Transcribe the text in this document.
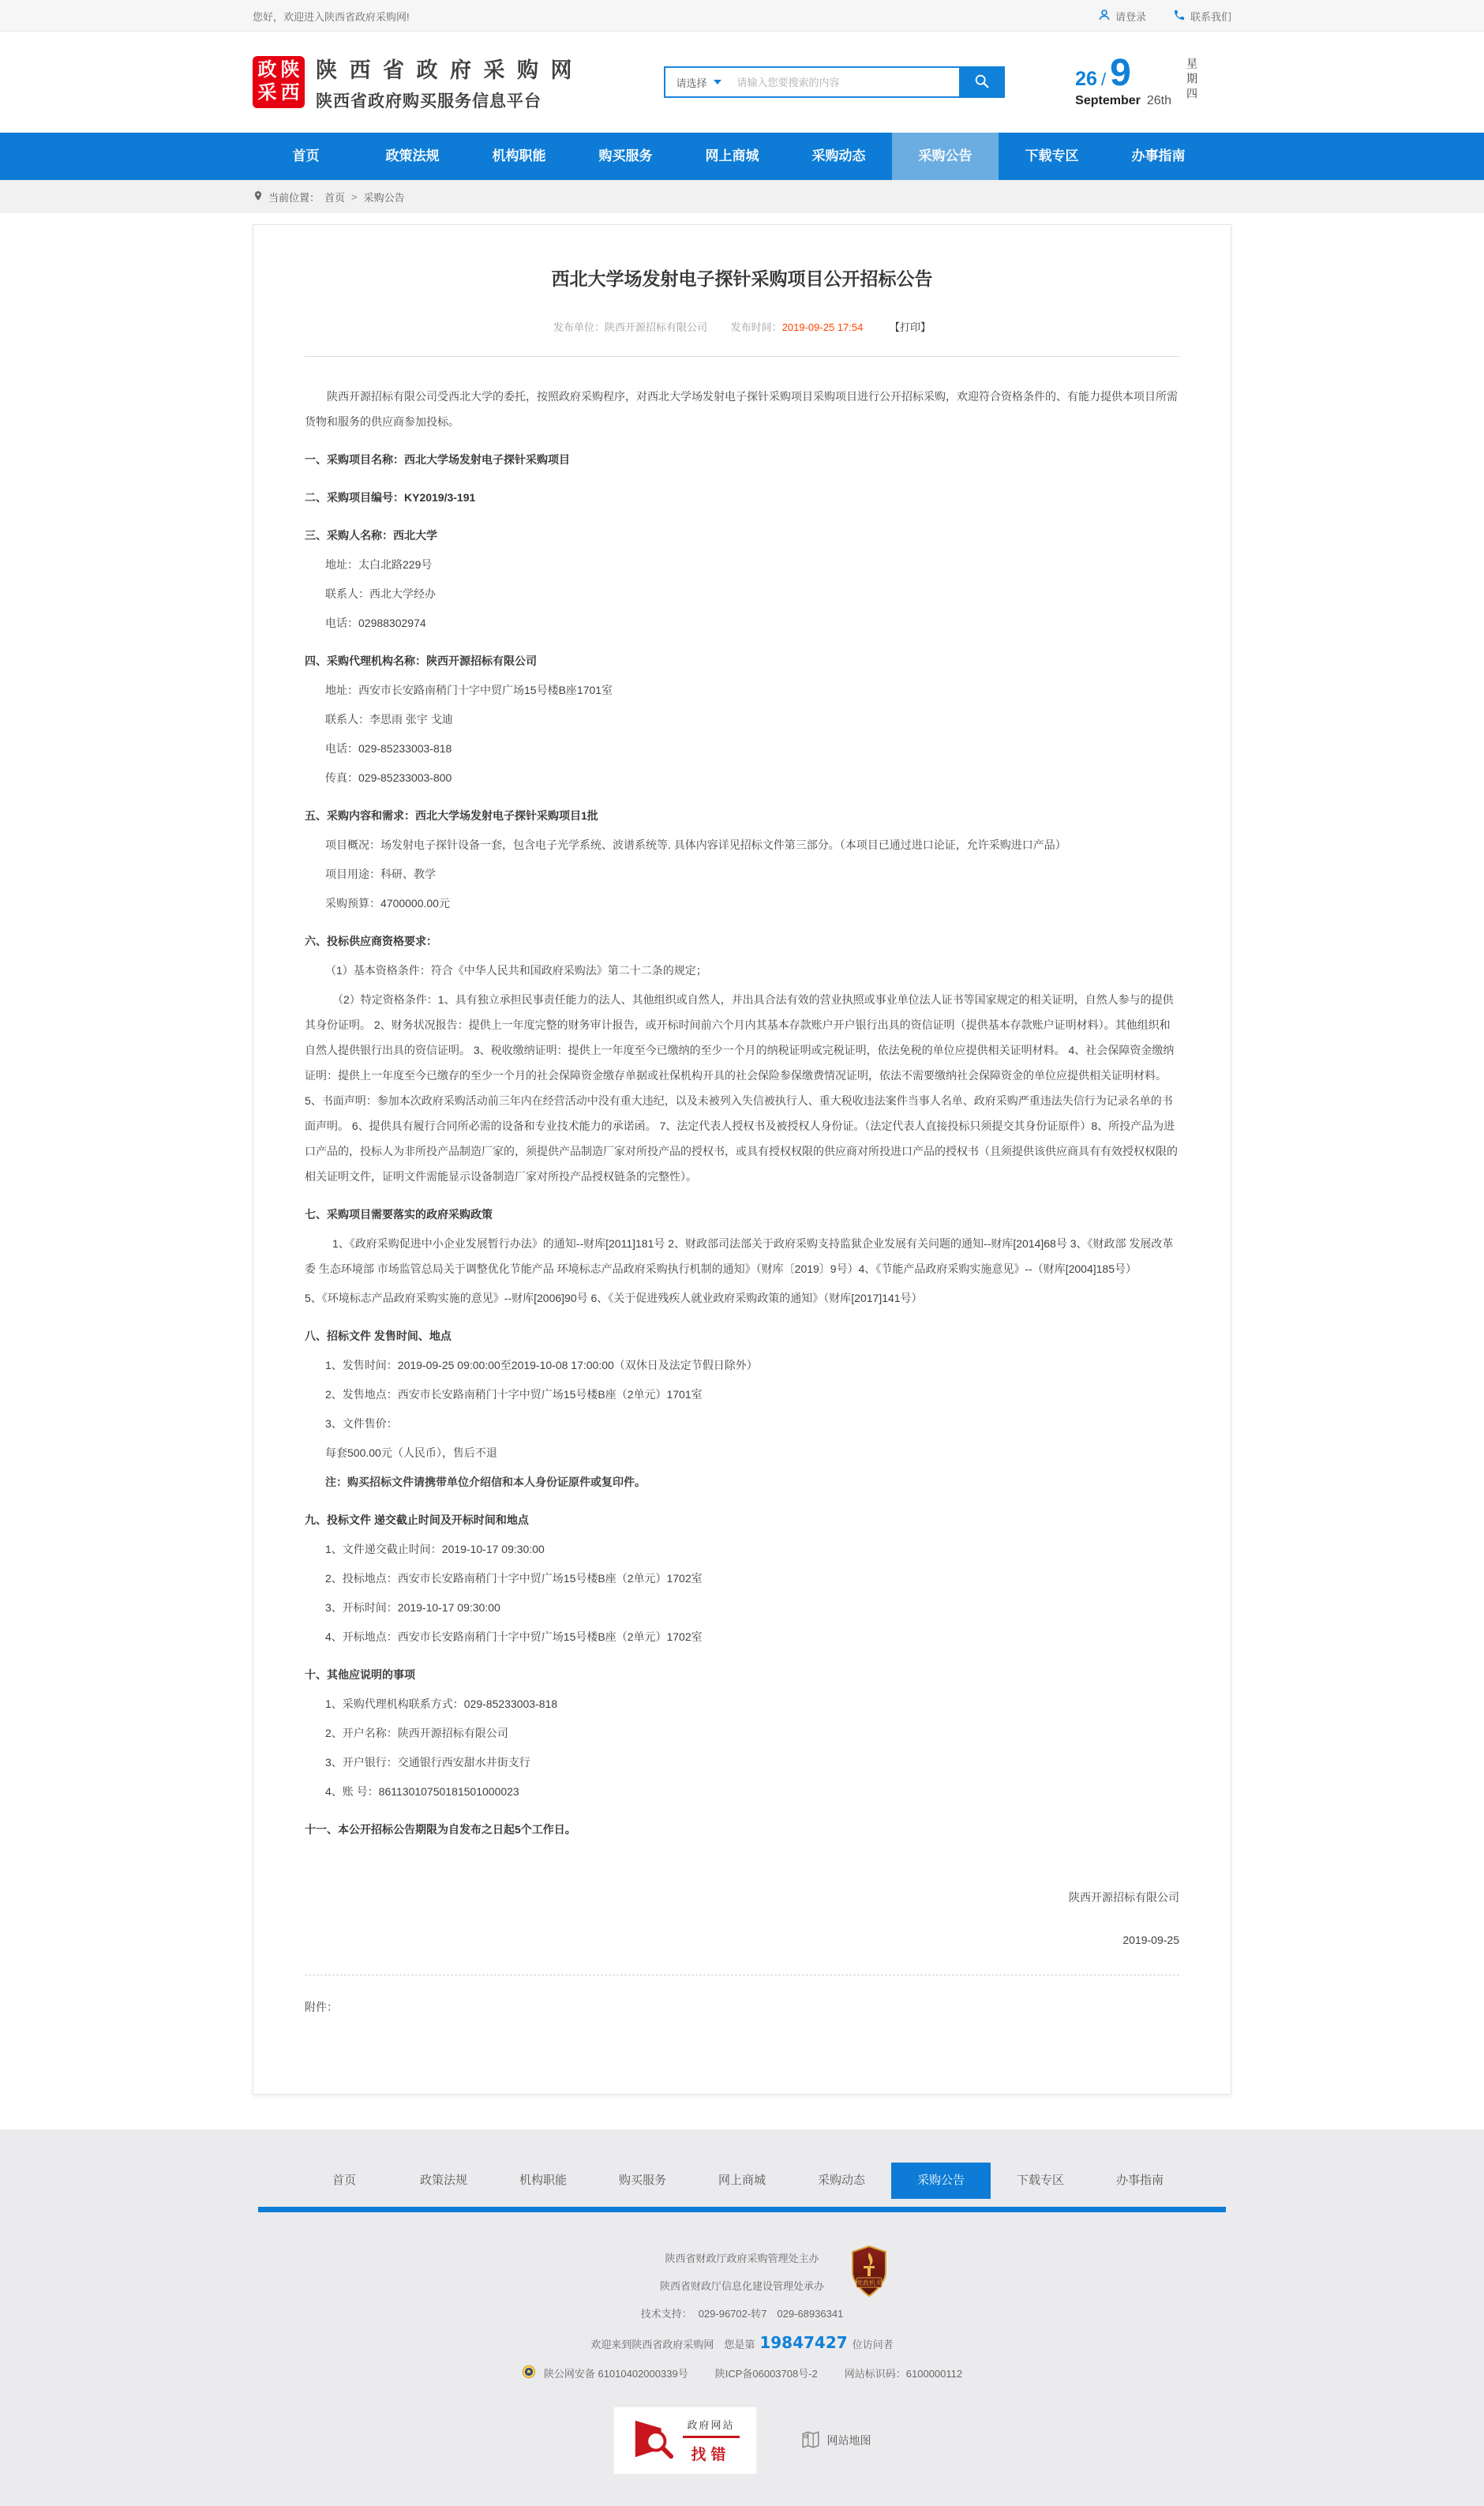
您好，欢迎进入陕西省政府采购网!	请登录	联系我们
政 陕
采 西
陕 西 省 政 府 采 购 网
陕西省政府购买服务信息平台
请选择
请输入您要搜索的内容	26 / 9
September 26th 星期四
首页	政策法规	机构职能	购买服务	网上商城	采购动态	采购公告	下载专区	办事指南
当前位置： 首页 > 采购公告
西北大学场发射电子探针采购项目公开招标公告
发布单位：陕西开源招标有限公司 发布时间：2019-09-25 17:54	【打印】

陕西开源招标有限公司受西北大学的委托，按照政府采购程序，对西北大学场发射电子探针采购项目采购项目进行公开招标采购，欢迎符合资格条件的、有能力提供本项目所需货物和服务的供应商参加投标。

一、采购项目名称：西北大学场发射电子探针采购项目

二、采购项目编号：KY2019/3-191

三、采购人名称：西北大学

地址：太白北路229号

联系人：西北大学经办

电话：02988302974

四、采购代理机构名称：陕西开源招标有限公司

地址：西安市长安路南稍门十字中贸广场15号楼B座1701室

联系人：李思雨 张宇 戈迪

电话：029-85233003-818

传真：029-85233003-800

五、采购内容和需求：西北大学场发射电子探针采购项目1批

项目概况：场发射电子探针设备一套，包含电子光学系统、波谱系统等. 具体内容详见招标文件第三部分。（本项目已通过进口论证，允许采购进口产品）

项目用途：科研、教学

采购预算：4700000.00元

六、投标供应商资格要求：

（1）基本资格条件：符合《中华人民共和国政府采购法》第二十二条的规定；

（2）特定资格条件：1、具有独立承担民事责任能力的法人、其他组织或自然人，并出具合法有效的营业执照或事业单位法人证书等国家规定的相关证明，自然人参与的提供其身份证明。 2、财务状况报告：提供上一年度完整的财务审计报告，或开标时间前六个月内其基本存款账户开户银行出具的资信证明（提供基本存款账户证明材料）。其他组织和自然人提供银行出具的资信证明。 3、税收缴纳证明：提供上一年度至今已缴纳的至少一个月的纳税证明或完税证明，依法免税的单位应提供相关证明材料。 4、社会保障资金缴纳证明：提供上一年度至今已缴存的至少一个月的社会保障资金缴存单据或社保机构开具的社会保险参保缴费情况证明，依法不需要缴纳社会保障资金的单位应提供相关证明材料。 5、书面声明：参加本次政府采购活动前三年内在经营活动中没有重大违纪，以及未被列入失信被执行人、重大税收违法案件当事人名单、政府采购严重违法失信行为记录名单的书面声明。 6、提供具有履行合同所必需的设备和专业技术能力的承诺函。 7、法定代表人授权书及被授权人身份证。（法定代表人直接投标只须提交其身份证原件）8、所投产品为进口产品的，投标人为非所投产品制造厂家的，须提供产品制造厂家对所投产品的授权书，或具有授权权限的供应商对所投进口产品的授权书（且须提供该供应商具有有效授权权限的相关证明文件，证明文件需能显示设备制造厂家对所投产品授权链条的完整性）。

七、采购项目需要落实的政府采购政策

1、《政府采购促进中小企业发展暂行办法》的通知--财库[2011]181号 2、财政部司法部关于政府采购支持监狱企业发展有关问题的通知--财库[2014]68号 3、《财政部 发展改革委 生态环境部 市场监管总局关于调整优化节能产品 环境标志产品政府采购执行机制的通知》（财库〔2019〕9号）4、《节能产品政府采购实施意见》--（财库[2004]185号）

5、《环境标志产品政府采购实施的意见》--财库[2006]90号 6、《关于促进残疾人就业政府采购政策的通知》（财库[2017]141号）

八、招标文件 发售时间、地点

1、发售时间：2019-09-25 09:00:00至2019-10-08 17:00:00（双休日及法定节假日除外）

2、发售地点：西安市长安路南稍门十字中贸广场15号楼B座（2单元）1701室

3、文件售价：

每套500.00元（人民币），售后不退

注：购买招标文件请携带单位介绍信和本人身份证原件或复印件。

九、投标文件 递交截止时间及开标时间和地点

1、文件递交截止时间：2019-10-17 09:30:00

2、投标地点：西安市长安路南稍门十字中贸广场15号楼B座（2单元）1702室

3、开标时间：2019-10-17 09:30:00

4、开标地点：西安市长安路南稍门十字中贸广场15号楼B座（2单元）1702室

十、其他应说明的事项

1、采购代理机构联系方式：029-85233003-818

2、开户名称：陕西开源招标有限公司

3、开户银行：交通银行西安甜水井街支行

4、账 号：86113010750181501000023

十一、本公开招标公告期限为自发布之日起5个工作日。

陕西开源招标有限公司

2019-09-25

附件：
首页	政策法规	机构职能	购买服务	网上商城	采购动态	采购公告	下载专区	办事指南

陕西省财政厅政府采购管理处主办

陕西省财政厅信息化建设管理处承办	党政机关

技术支持： 029-96702-转7　029-68936341

欢迎来到陕西省政府采购网　您是第 19847427 位访问者

陕公网安备 61010402000339号	陕ICP备06003708号-2	网站标识码：6100000112

政府网站
找错
网站地图
